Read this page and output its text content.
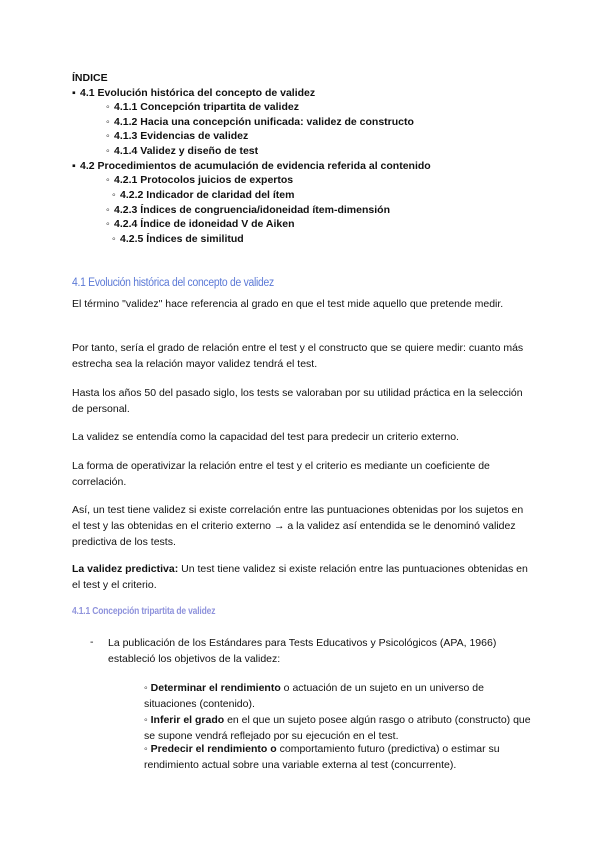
ÍNDICE
▪ 4.1 Evolución histórica del concepto de validez
◦ 4.1.1 Concepción tripartita de validez
◦ 4.1.2 Hacia una concepción unificada: validez de constructo
◦ 4.1.3 Evidencias de validez
◦ 4.1.4 Validez y diseño de test
▪ 4.2 Procedimientos de acumulación de evidencia referida al contenido
◦ 4.2.1 Protocolos juicios de expertos
◦ 4.2.2 Indicador de claridad del ítem
◦ 4.2.3 Índices de congruencia/idoneidad ítem-dimensión
◦ 4.2.4 Índice de idoneidad V de Aiken
◦ 4.2.5 Índices de similitud
4.1 Evolución histórica del concepto de validez
El término "validez" hace referencia al grado en que el test mide aquello que pretende medir.
Por tanto, sería el grado de relación entre el test y el constructo que se quiere medir: cuanto más estrecha sea la relación mayor validez tendrá el test.
Hasta los años 50 del pasado siglo, los tests se valoraban por su utilidad práctica en la selección de personal.
La validez se entendía como la capacidad del test para predecir un criterio externo.
La forma de operativizar la relación entre el test y el criterio es mediante un coeficiente de correlación.
Así, un test tiene validez si existe correlación entre las puntuaciones obtenidas por los sujetos en el test y las obtenidas en el criterio externo → a la validez así entendida se le denominó validez predictiva de los tests.
La validez predictiva: Un test tiene validez si existe relación entre las puntuaciones obtenidas en el test y el criterio.
4.1.1 Concepción tripartita de validez
- La publicación de los Estándares para Tests Educativos y Psicológicos (APA, 1966) estableció los objetivos de la validez:
◦ Determinar el rendimiento o actuación de un sujeto en un universo de situaciones (contenido).
◦ Inferir el grado en el que un sujeto posee algún rasgo o atributo (constructo) que se supone vendrá reflejado por su ejecución en el test.
◦ Predecir el rendimiento o comportamiento futuro (predictiva) o estimar su rendimiento actual sobre una variable externa al test (concurrente).
